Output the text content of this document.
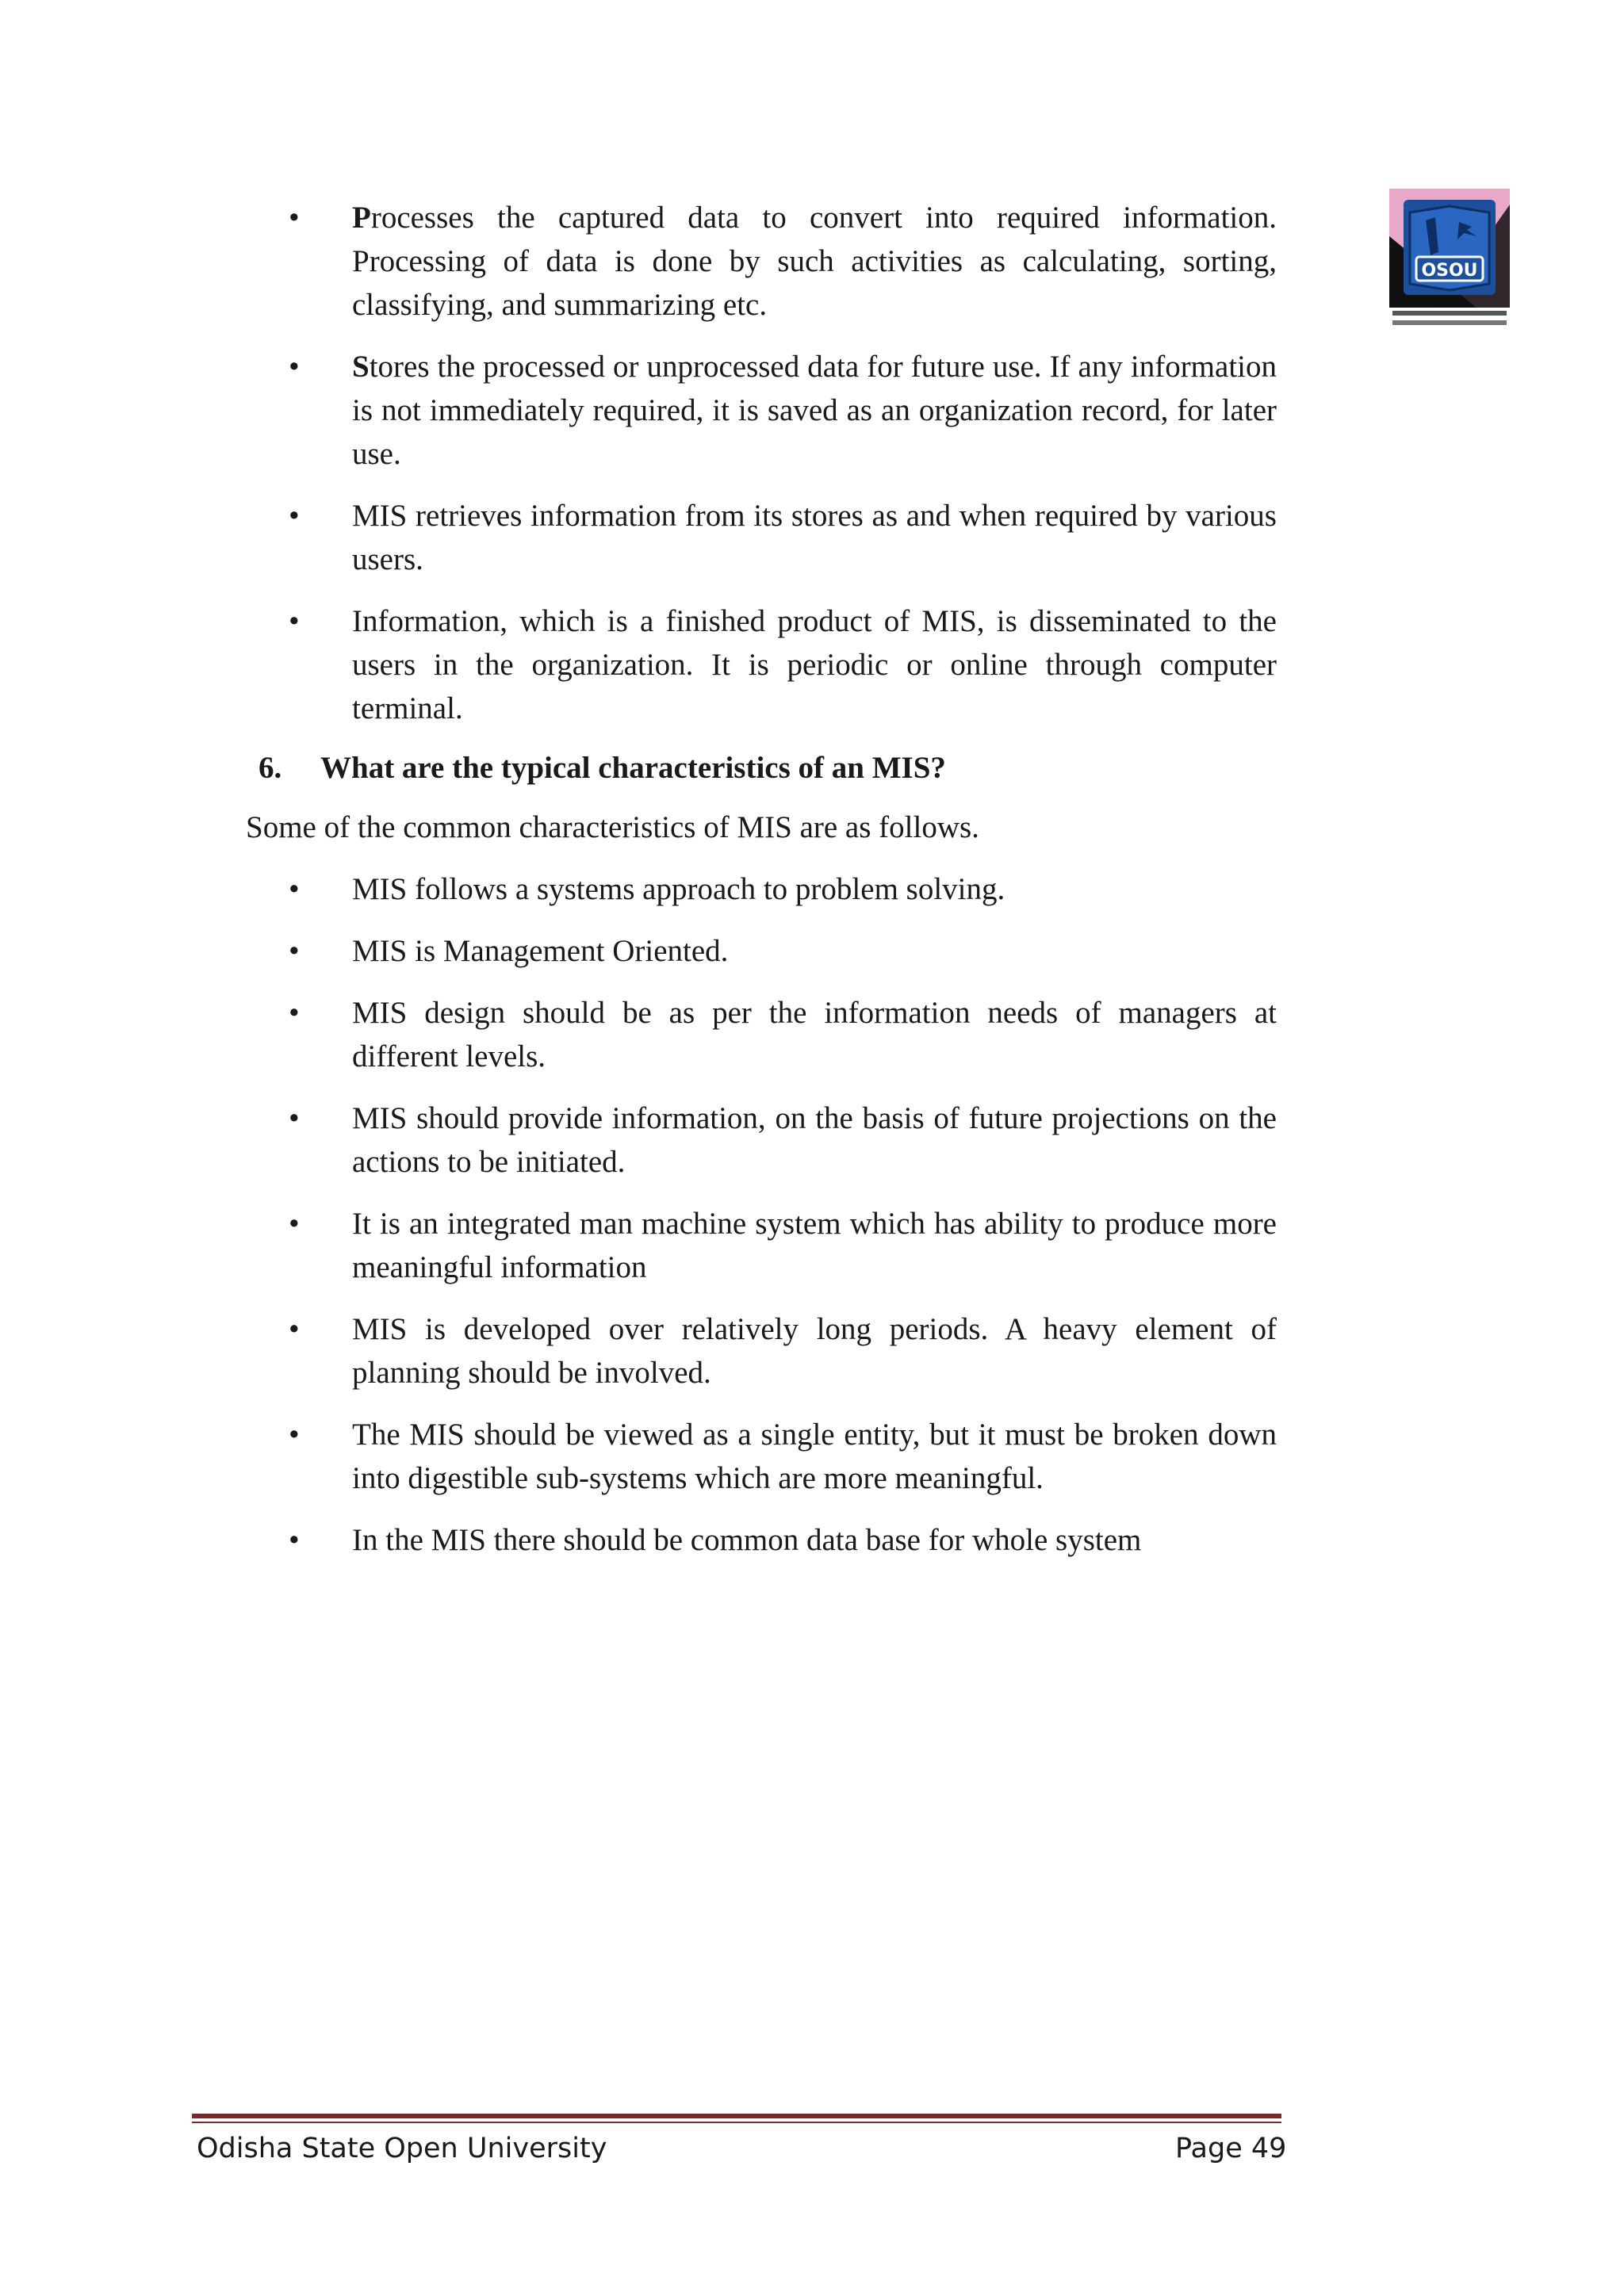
OSOU
• Processes the captured data to convert into required information. Processing of data is done by such activities as calculating, sorting, classifying, and summarizing etc.
• Stores the processed or unprocessed data for future use. If any information is not immediately required, it is saved as an organization record, for later use.
• MIS retrieves information from its stores as and when required by various users.
• Information, which is a finished product of MIS, is disseminated to the users in the organization. It is periodic or online through computer terminal.
6. What are the typical characteristics of an MIS?
Some of the common characteristics of MIS are as follows.
• MIS follows a systems approach to problem solving.
• MIS is Management Oriented.
• MIS design should be as per the information needs of managers at different levels.
• MIS should provide information, on the basis of future projections on the actions to be initiated.
• It is an integrated man machine system which has ability to produce more meaningful information
• MIS is developed over relatively long periods. A heavy element of planning should be involved.
• The MIS should be viewed as a single entity, but it must be broken down into digestible sub-systems which are more meaningful.
• In the MIS there should be common data base for whole system
Odisha State Open University	Page 49
